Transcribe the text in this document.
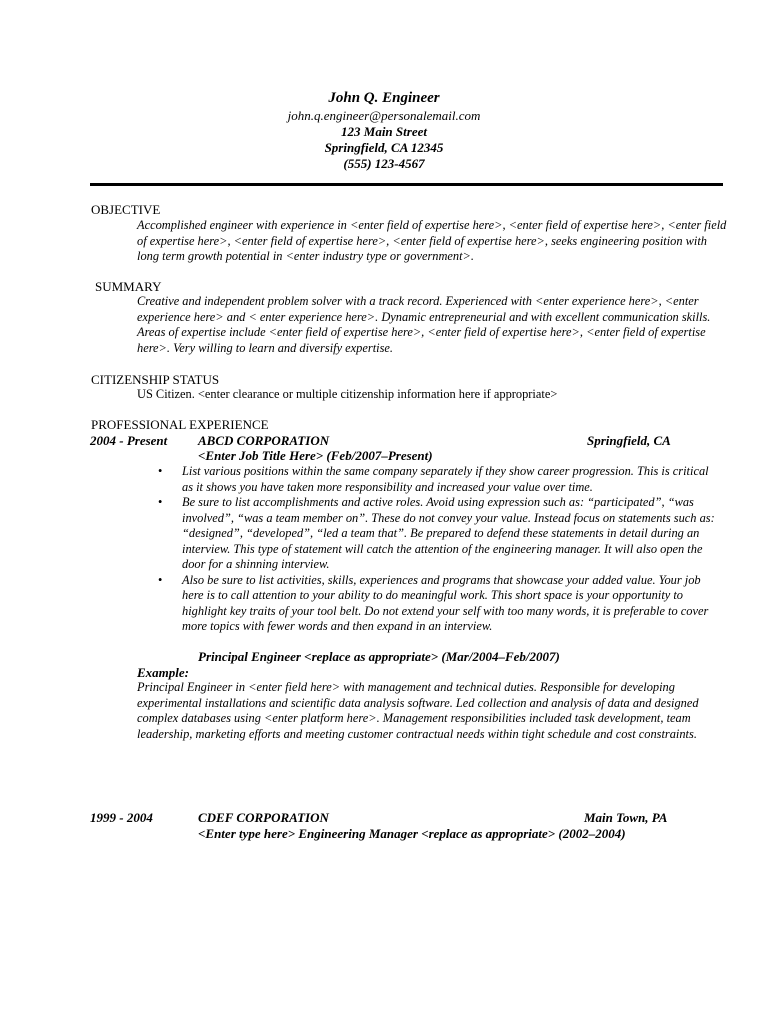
John Q. Engineer
john.q.engineer@personalemail.com
123 Main Street
Springfield, CA 12345
(555) 123-4567
OBJECTIVE
Accomplished engineer with experience in <enter field of expertise here>, <enter field of expertise here>, <enter field of expertise here>, <enter field of expertise here>, <enter field of expertise here>, seeks engineering position with long term growth potential in <enter industry type or government>.
SUMMARY
Creative and independent problem solver with a track record. Experienced with <enter experience here>, <enter experience here> and < enter experience here>. Dynamic entrepreneurial and with excellent communication skills. Areas of expertise include <enter field of expertise here>, <enter field of expertise here>, <enter field of expertise here>. Very willing to learn and diversify expertise.
CITIZENSHIP STATUS
US Citizen. <enter clearance or multiple citizenship information here if appropriate>
PROFESSIONAL EXPERIENCE
2004 - Present ABCD CORPORATION	Springfield, CA
<Enter Job Title Here> (Feb/2007–Present)
• List various positions within the same company separately if they show career progression. This is critical as it shows you have taken more responsibility and increased your value over time.
• Be sure to list accomplishments and active roles. Avoid using expression such as: “participated”, “was involved”, “was a team member on”. These do not convey your value. Instead focus on statements such as: “designed”, “developed”, “led a team that”. Be prepared to defend these statements in detail during an interview. This type of statement will catch the attention of the engineering manager. It will also open the door for a shinning interview.
• Also be sure to list activities, skills, experiences and programs that showcase your added value. Your job here is to call attention to your ability to do meaningful work. This short space is your opportunity to highlight key traits of your tool belt. Do not extend your self with too many words, it is preferable to cover more topics with fewer words and then expand in an interview.
Principal Engineer <replace as appropriate> (Mar/2004–Feb/2007)
Example:
Principal Engineer in <enter field here> with management and technical duties. Responsible for developing experimental installations and scientific data analysis software. Led collection and analysis of data and designed complex databases using <enter platform here>. Management responsibilities included task development, team leadership, marketing efforts and meeting customer contractual needs within tight schedule and cost constraints.
1999 - 2004	CDEF CORPORATION	Main Town, PA
<Enter type here> Engineering Manager <replace as appropriate> (2002–2004)
